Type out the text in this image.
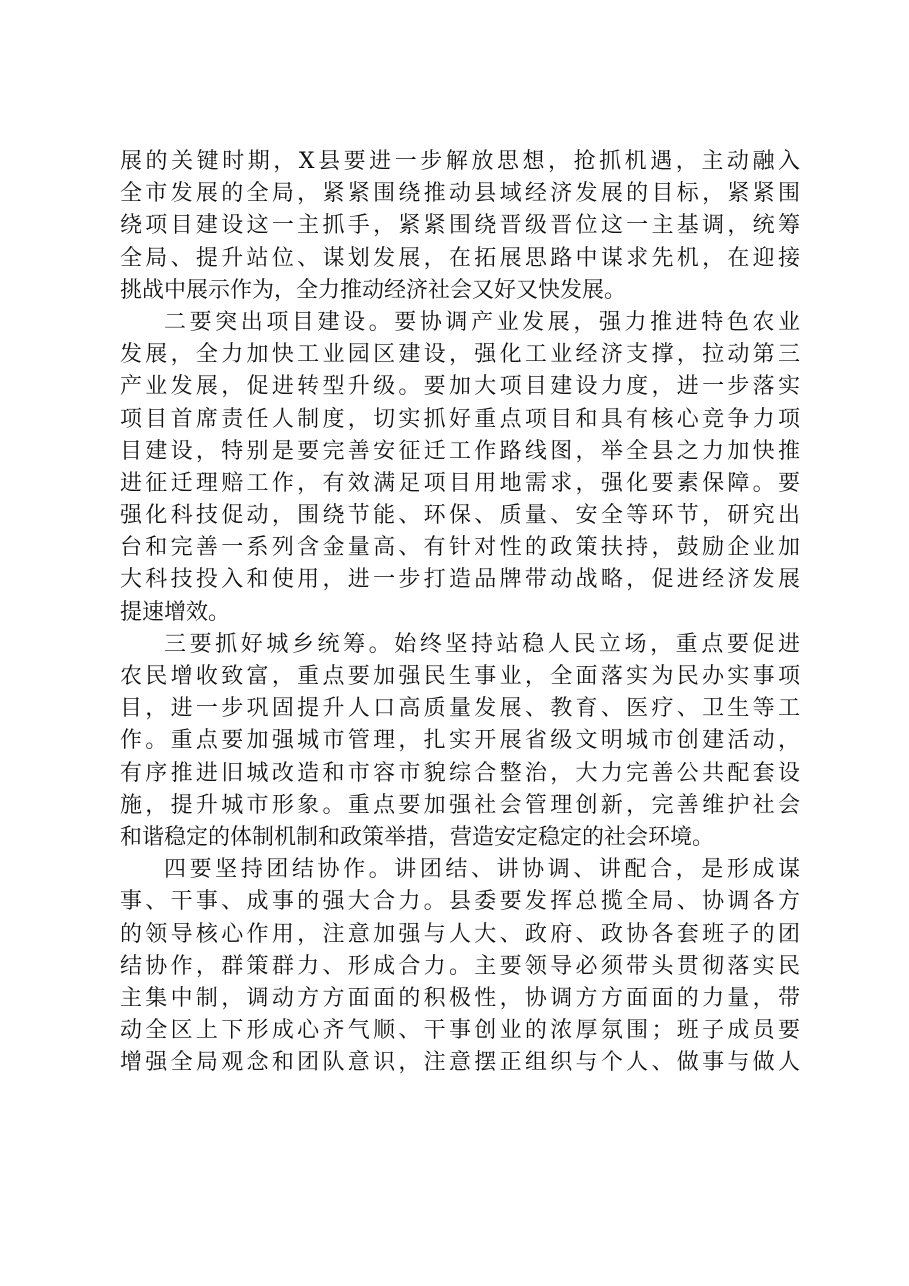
展的关键时期，X县要进一步解放思想，抢抓机遇，主动融入
全市发展的全局，紧紧围绕推动县域经济发展的目标，紧紧围
绕项目建设这一主抓手，紧紧围绕晋级晋位这一主基调，统筹
全局、提升站位、谋划发展，在拓展思路中谋求先机，在迎接
挑战中展示作为，全力推动经济社会又好又快发展。
二要突出项目建设。要协调产业发展，强力推进特色农业
发展，全力加快工业园区建设，强化工业经济支撑，拉动第三
产业发展，促进转型升级。要加大项目建设力度，进一步落实
项目首席责任人制度，切实抓好重点项目和具有核心竞争力项
目建设，特别是要完善安征迁工作路线图，举全县之力加快推
进征迁理赔工作，有效满足项目用地需求，强化要素保障。要
强化科技促动，围绕节能、环保、质量、安全等环节，研究出
台和完善一系列含金量高、有针对性的政策扶持，鼓励企业加
大科技投入和使用，进一步打造品牌带动战略，促进经济发展
提速增效。
三要抓好城乡统筹。始终坚持站稳人民立场，重点要促进
农民增收致富，重点要加强民生事业，全面落实为民办实事项
目，进一步巩固提升人口高质量发展、教育、医疗、卫生等工
作。重点要加强城市管理，扎实开展省级文明城市创建活动，
有序推进旧城改造和市容市貌综合整治，大力完善公共配套设
施，提升城市形象。重点要加强社会管理创新，完善维护社会
和谐稳定的体制机制和政策举措，营造安定稳定的社会环境。
四要坚持团结协作。讲团结、讲协调、讲配合，是形成谋
事、干事、成事的强大合力。县委要发挥总揽全局、协调各方
的领导核心作用，注意加强与人大、政府、政协各套班子的团
结协作，群策群力、形成合力。主要领导必须带头贯彻落实民
主集中制，调动方方面面的积极性，协调方方面面的力量，带
动全区上下形成心齐气顺、干事创业的浓厚氛围；班子成员要
增强全局观念和团队意识，注意摆正组织与个人、做事与做人
